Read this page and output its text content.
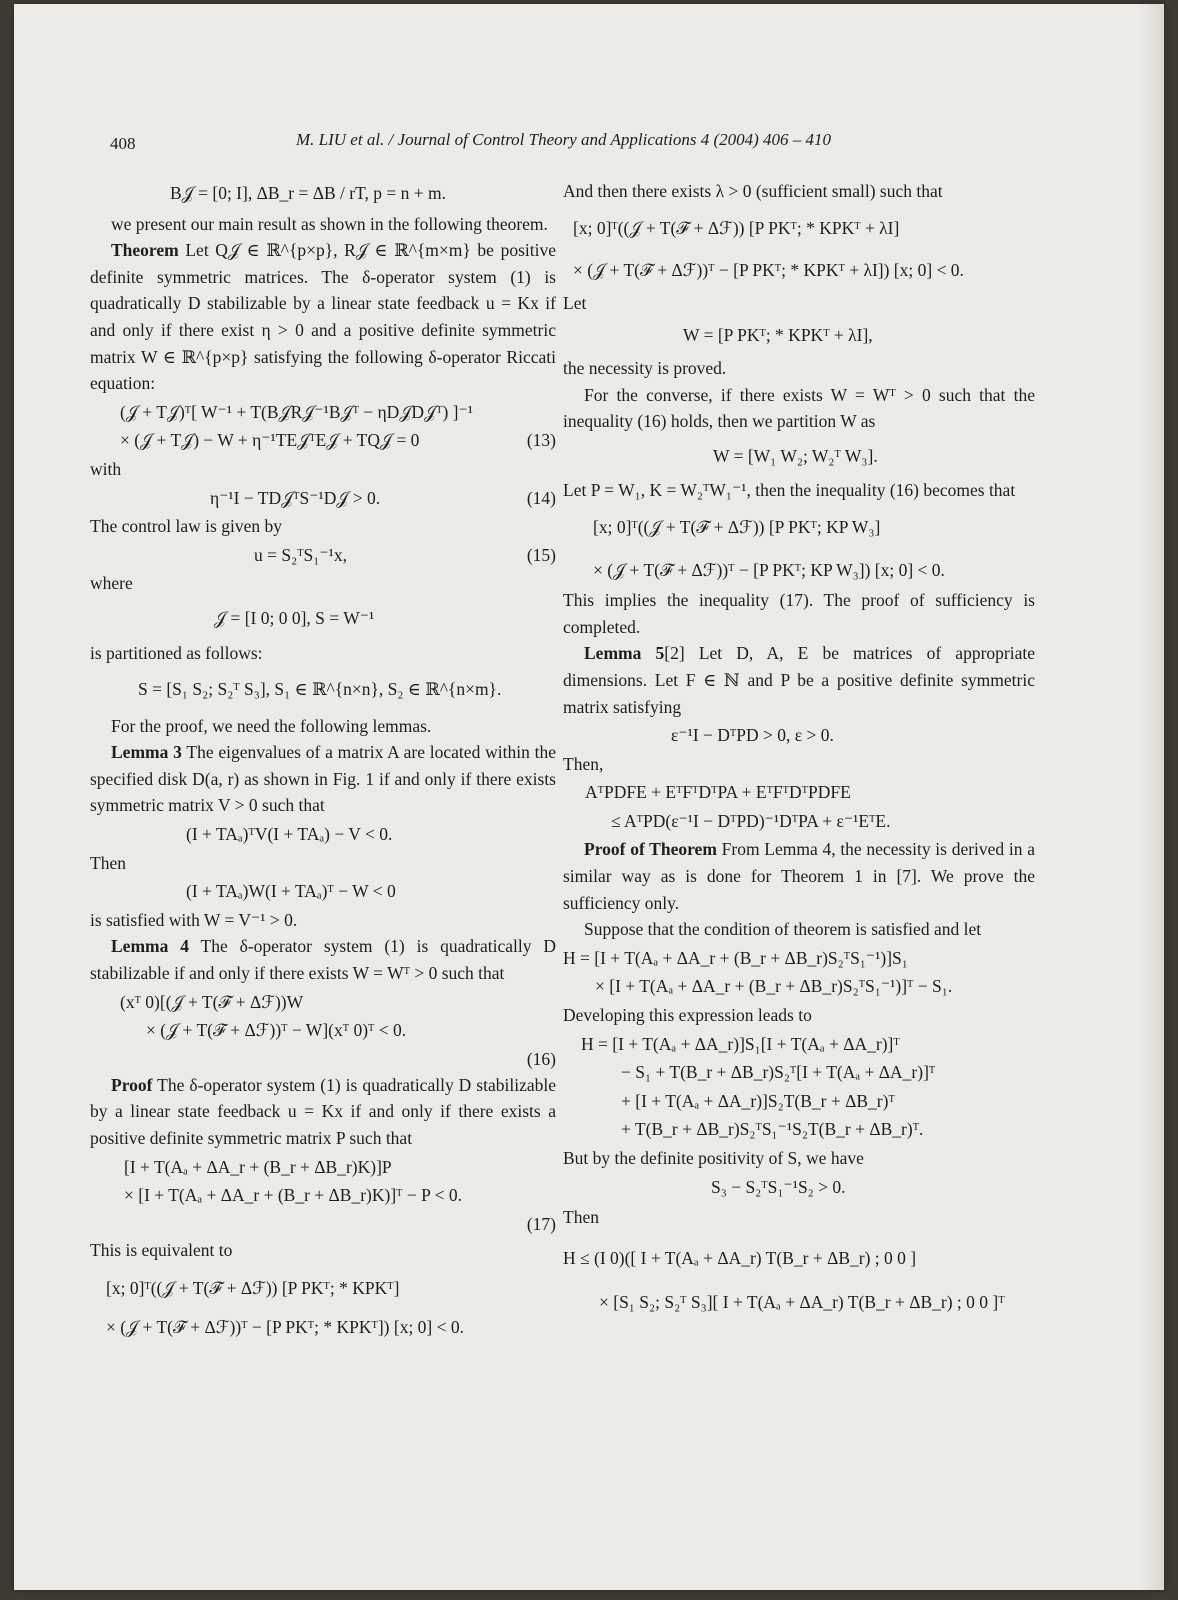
408	M. LIU et al. / Journal of Control Theory and Applications 4 (2004) 406 – 410
B𝒥 = [0; I], ΔB_r = ΔB / rT, p = n + m.

we present our main result as shown in the following theorem.

Theorem Let Q𝒥 ∈ ℝ^{p×p}, R𝒥 ∈ ℝ^{m×m} be positive definite symmetric matrices. The δ-operator system (1) is quadratically D stabilizable by a linear state feedback u = Kx if and only if there exist η > 0 and a positive definite symmetric matrix W ∈ ℝ^{p×p} satisfying the following δ-operator Riccati equation:

(𝒥 + T𝒥)ᵀ[ W⁻¹ + T(B𝒥R𝒥⁻¹B𝒥ᵀ − ηD𝒥D𝒥ᵀ) ]⁻¹
× (𝒥 + T𝒥) − W + η⁻¹TE𝒥ᵀE𝒥 + TQ𝒥 = 0	(13)

with

η⁻¹I − TD𝒥ᵀS⁻¹D𝒥 > 0.	(14)

The control law is given by

u = S₂ᵀS₁⁻¹x,	(15)

where

𝒥 = [I 0; 0 0], S = W⁻¹

is partitioned as follows:

S = [S₁ S₂; S₂ᵀ S₃], S₁ ∈ ℝ^{n×n}, S₂ ∈ ℝ^{n×m}.

For the proof, we need the following lemmas.

Lemma 3 The eigenvalues of a matrix A are located within the specified disk D(a, r) as shown in Fig. 1 if and only if there exists symmetric matrix V > 0 such that

(I + TAₐ)ᵀV(I + TAₐ) − V < 0.

Then

(I + TAₐ)W(I + TAₐ)ᵀ − W < 0

is satisfied with W = V⁻¹ > 0.

Lemma 4 The δ-operator system (1) is quadratically D stabilizable if and only if there exists W = Wᵀ > 0 such that

(xᵀ 0)[(𝒥 + T(ℱ + Δℱ))W
× (𝒥 + T(ℱ + Δℱ))ᵀ − W](xᵀ 0)ᵀ < 0.
(16)

Proof The δ-operator system (1) is quadratically D stabilizable by a linear state feedback u = Kx if and only if there exists a positive definite symmetric matrix P such that

[I + T(Aₐ + ΔA_r + (B_r + ΔB_r)K)]P
× [I + T(Aₐ + ΔA_r + (B_r + ΔB_r)K)]ᵀ − P < 0.
(17)

This is equivalent to

[x; 0]ᵀ((𝒥 + T(ℱ + Δℱ)) [P PKᵀ; * KPKᵀ]
× (𝒥 + T(ℱ + Δℱ))ᵀ − [P PKᵀ; * KPKᵀ]) [x; 0] < 0.

And then there exists λ > 0 (sufficient small) such that

[x; 0]ᵀ((𝒥 + T(ℱ + Δℱ)) [P PKᵀ; * KPKᵀ + λI]
× (𝒥 + T(ℱ + Δℱ))ᵀ − [P PKᵀ; * KPKᵀ + λI]) [x; 0] < 0.

Let

W = [P PKᵀ; * KPKᵀ + λI],

the necessity is proved.

For the converse, if there exists W = Wᵀ > 0 such that the inequality (16) holds, then we partition W as

W = [W₁ W₂; W₂ᵀ W₃].

Let P = W₁, K = W₂ᵀW₁⁻¹, then the inequality (16) becomes that

[x; 0]ᵀ((𝒥 + T(ℱ + Δℱ)) [P PKᵀ; KP W₃]
× (𝒥 + T(ℱ + Δℱ))ᵀ − [P PKᵀ; KP W₃]) [x; 0] < 0.

This implies the inequality (17). The proof of sufficiency is completed.

Lemma 5[2] Let D, A, E be matrices of appropriate dimensions. Let F ∈ ℕ and P be a positive definite symmetric matrix satisfying

ε⁻¹I − DᵀPD > 0, ε > 0.

Then,

AᵀPDFE + EᵀFᵀDᵀPA + EᵀFᵀDᵀPDFE
≤ AᵀPD(ε⁻¹I − DᵀPD)⁻¹DᵀPA + ε⁻¹EᵀE.

Proof of Theorem From Lemma 4, the necessity is derived in a similar way as is done for Theorem 1 in [7]. We prove the sufficiency only.

Suppose that the condition of theorem is satisfied and let

H = [I + T(Aₐ + ΔA_r + (B_r + ΔB_r)S₂ᵀS₁⁻¹)]S₁
× [I + T(Aₐ + ΔA_r + (B_r + ΔB_r)S₂ᵀS₁⁻¹)]ᵀ − S₁.

Developing this expression leads to

H = [I + T(Aₐ + ΔA_r)]S₁[I + T(Aₐ + ΔA_r)]ᵀ
− S₁ + T(B_r + ΔB_r)S₂ᵀ[I + T(Aₐ + ΔA_r)]ᵀ
+ [I + T(Aₐ + ΔA_r)]S₂T(B_r + ΔB_r)ᵀ
+ T(B_r + ΔB_r)S₂ᵀS₁⁻¹S₂T(B_r + ΔB_r)ᵀ.

But by the definite positivity of S, we have

S₃ − S₂ᵀS₁⁻¹S₂ > 0.

Then

H ≤ (I 0)([ I + T(Aₐ + ΔA_r) T(B_r + ΔB_r) ; 0 0 ]
× [S₁ S₂; S₂ᵀ S₃][ I + T(Aₐ + ΔA_r) T(B_r + ΔB_r) ; 0 0 ]ᵀ
